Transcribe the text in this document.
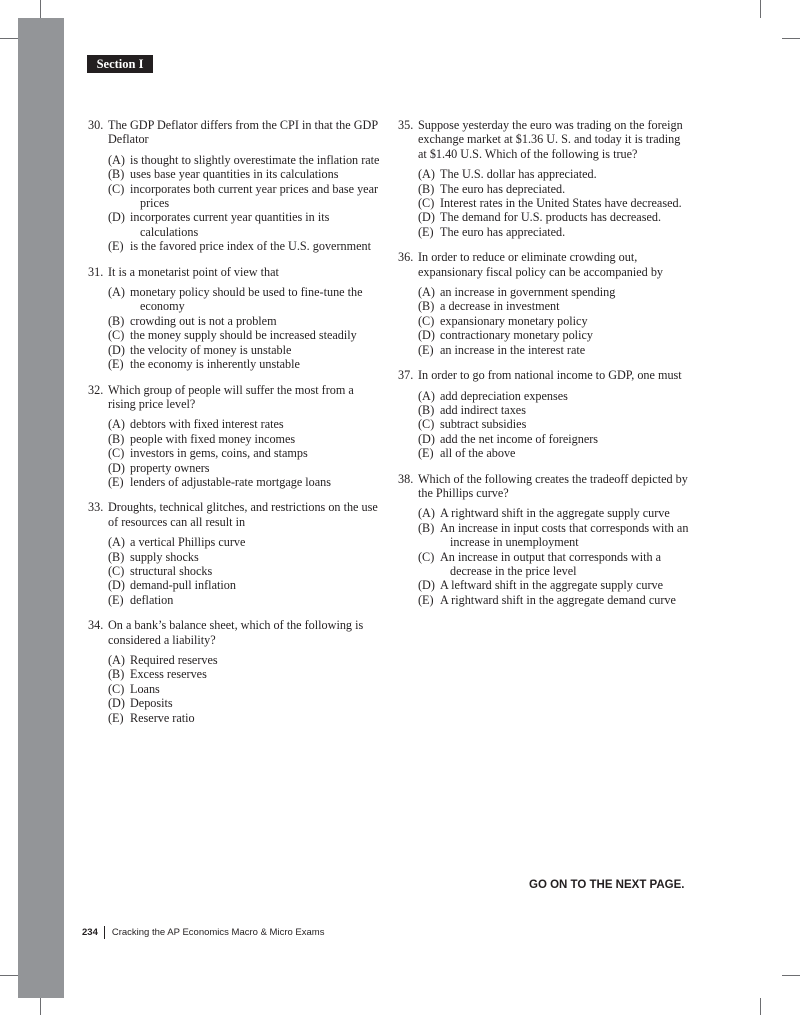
Section I
30. The GDP Deflator differs from the CPI in that the GDP Deflator
(A) is thought to slightly overestimate the inflation rate
(B) uses base year quantities in its calculations
(C) incorporates both current year prices and base year prices
(D) incorporates current year quantities in its calculations
(E) is the favored price index of the U.S. government
31. It is a monetarist point of view that
(A) monetary policy should be used to fine-tune the economy
(B) crowding out is not a problem
(C) the money supply should be increased steadily
(D) the velocity of money is unstable
(E) the economy is inherently unstable
32. Which group of people will suffer the most from a rising price level?
(A) debtors with fixed interest rates
(B) people with fixed money incomes
(C) investors in gems, coins, and stamps
(D) property owners
(E) lenders of adjustable-rate mortgage loans
33. Droughts, technical glitches, and restrictions on the use of resources can all result in
(A) a vertical Phillips curve
(B) supply shocks
(C) structural shocks
(D) demand-pull inflation
(E) deflation
34. On a bank’s balance sheet, which of the following is considered a liability?
(A) Required reserves
(B) Excess reserves
(C) Loans
(D) Deposits
(E) Reserve ratio
35. Suppose yesterday the euro was trading on the foreign exchange market at $1.36 U. S. and today it is trading at $1.40 U.S. Which of the following is true?
(A) The U.S. dollar has appreciated.
(B) The euro has depreciated.
(C) Interest rates in the United States have decreased.
(D) The demand for U.S. products has decreased.
(E) The euro has appreciated.
36. In order to reduce or eliminate crowding out, expansionary fiscal policy can be accompanied by
(A) an increase in government spending
(B) a decrease in investment
(C) expansionary monetary policy
(D) contractionary monetary policy
(E) an increase in the interest rate
37. In order to go from national income to GDP, one must
(A) add depreciation expenses
(B) add indirect taxes
(C) subtract subsidies
(D) add the net income of foreigners
(E) all of the above
38. Which of the following creates the tradeoff depicted by the Phillips curve?
(A) A rightward shift in the aggregate supply curve
(B) An increase in input costs that corresponds with an increase in unemployment
(C) An increase in output that corresponds with a decrease in the price level
(D) A leftward shift in the aggregate supply curve
(E) A rightward shift in the aggregate demand curve
GO ON TO THE NEXT PAGE.
234 Cracking the AP Economics Macro & Micro Exams
